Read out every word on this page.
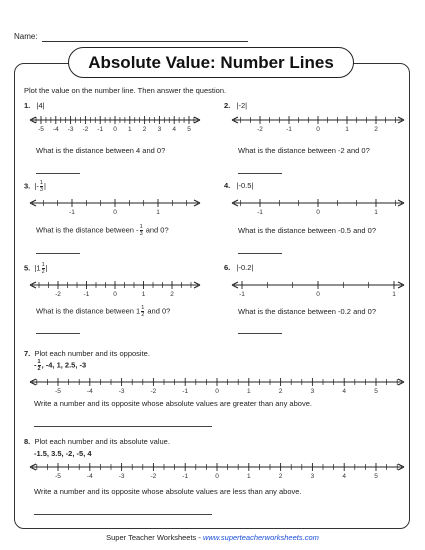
Name:
Absolute Value: Number Lines
Plot the value on the number line. Then answer the question.
1. |4|
-5 -4 -3 -2 -1 0 1 2 3 4 5
What is the distance between 4 and 0?
2. |-2|
-2	-1	0	1	2
What is the distance between -2 and 0?
3. |- $\frac{1}{3}$ |
-1	0	1
What is the distance between - $\frac{1}{3}$ and 0?
4. |-0.5|
-1	0	1
What is the distance between -0.5 and 0?
5. $|1 \frac{1}{2}$ |
-2	-1	0	1	2
What is the distance between $1 \frac{1}{2}$ and 0?
6. |-0.2|
-1	0	1
What is the distance between -0.2 and 0?
7. Plot each number and its opposite.
- $\frac{1}{2}$ , -4, 1, 2.5, -3
-5	-4	-3	-2	-1	0	1	2	3	4	5
Write a number and its opposite whose absolute values are greater than any above.
8. Plot each number and its absolute value.
-1.5, 3.5, -2, -5, 4
-5	-4	-3	-2	-1	0	1	2	3	4	5
Write a number and its opposite whose absolute values are less than any above.
Super Teacher Worksheets - www.superteacherworksheets.com
